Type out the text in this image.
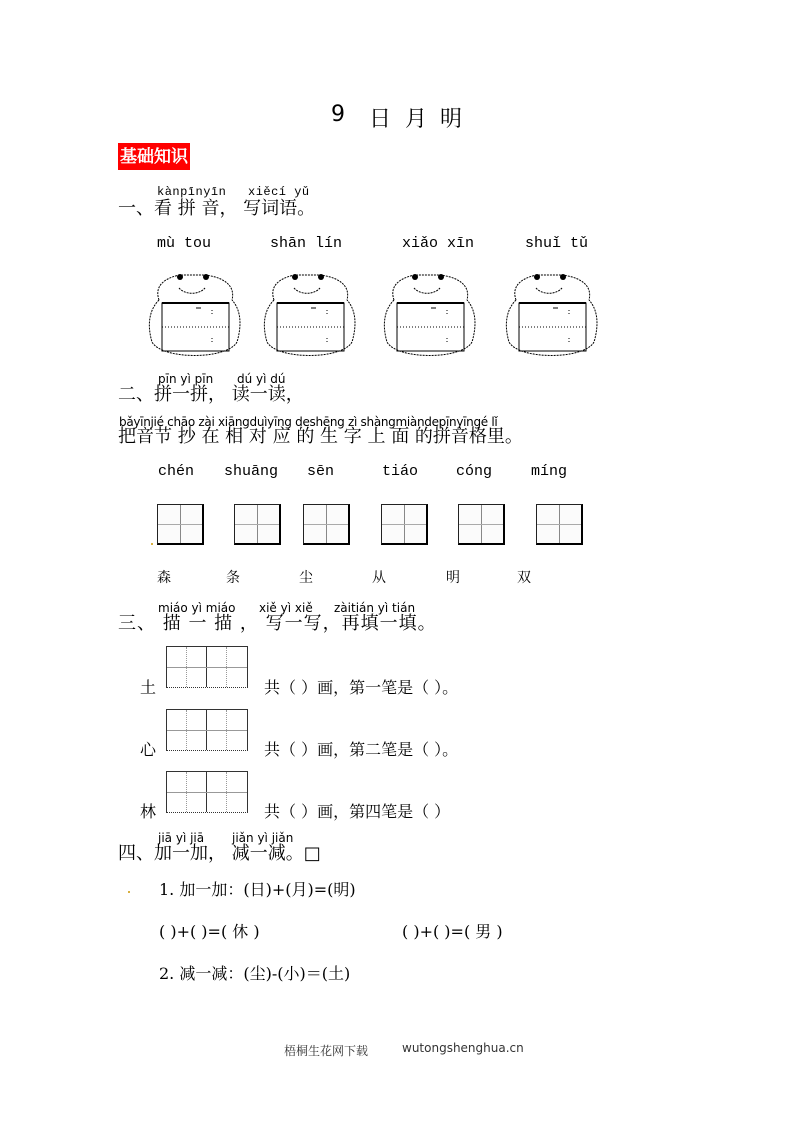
9 日 月 明
基础知识
kànpīnyīn xiěcí yǔ
一、看 拼 音， 写词语。
mù tou	shān lín	xiǎo xīn	shuǐ tǔ
pīn yì pīn dú yì dú
二、拼一拼， 读一读，
bǎyīnjié chāo zài xiāngduìyīng deshēng zì shàngmiàndepīnyīngé lǐ
把音节 抄 在 相 对 应 的 生 字 上 面 的拼音格里。
chén shuāng sēn	tiáo	cóng	míng
森	条	尘	从	明	双
miáo yì miáo xiě yì xiě zàitián yì tián
三、 描 一 描 ， 写一写，再填一填。
土	共（ ）画，第一笔是（ ）。
心	共（ ）画，第二笔是（ ）。
林	共（ ）画，第四笔是（ ）
jiā yì jiā jiǎn yì jiǎn
四、加一加， 减一减。□
1. 加一加：(日)+(月)=(明)
( )+( )=( 休 )	( )+( )=( 男 )
2. 减一减：(尘)-(小)＝(土)
梧桐生花网下载	wutongshenghua.cn
